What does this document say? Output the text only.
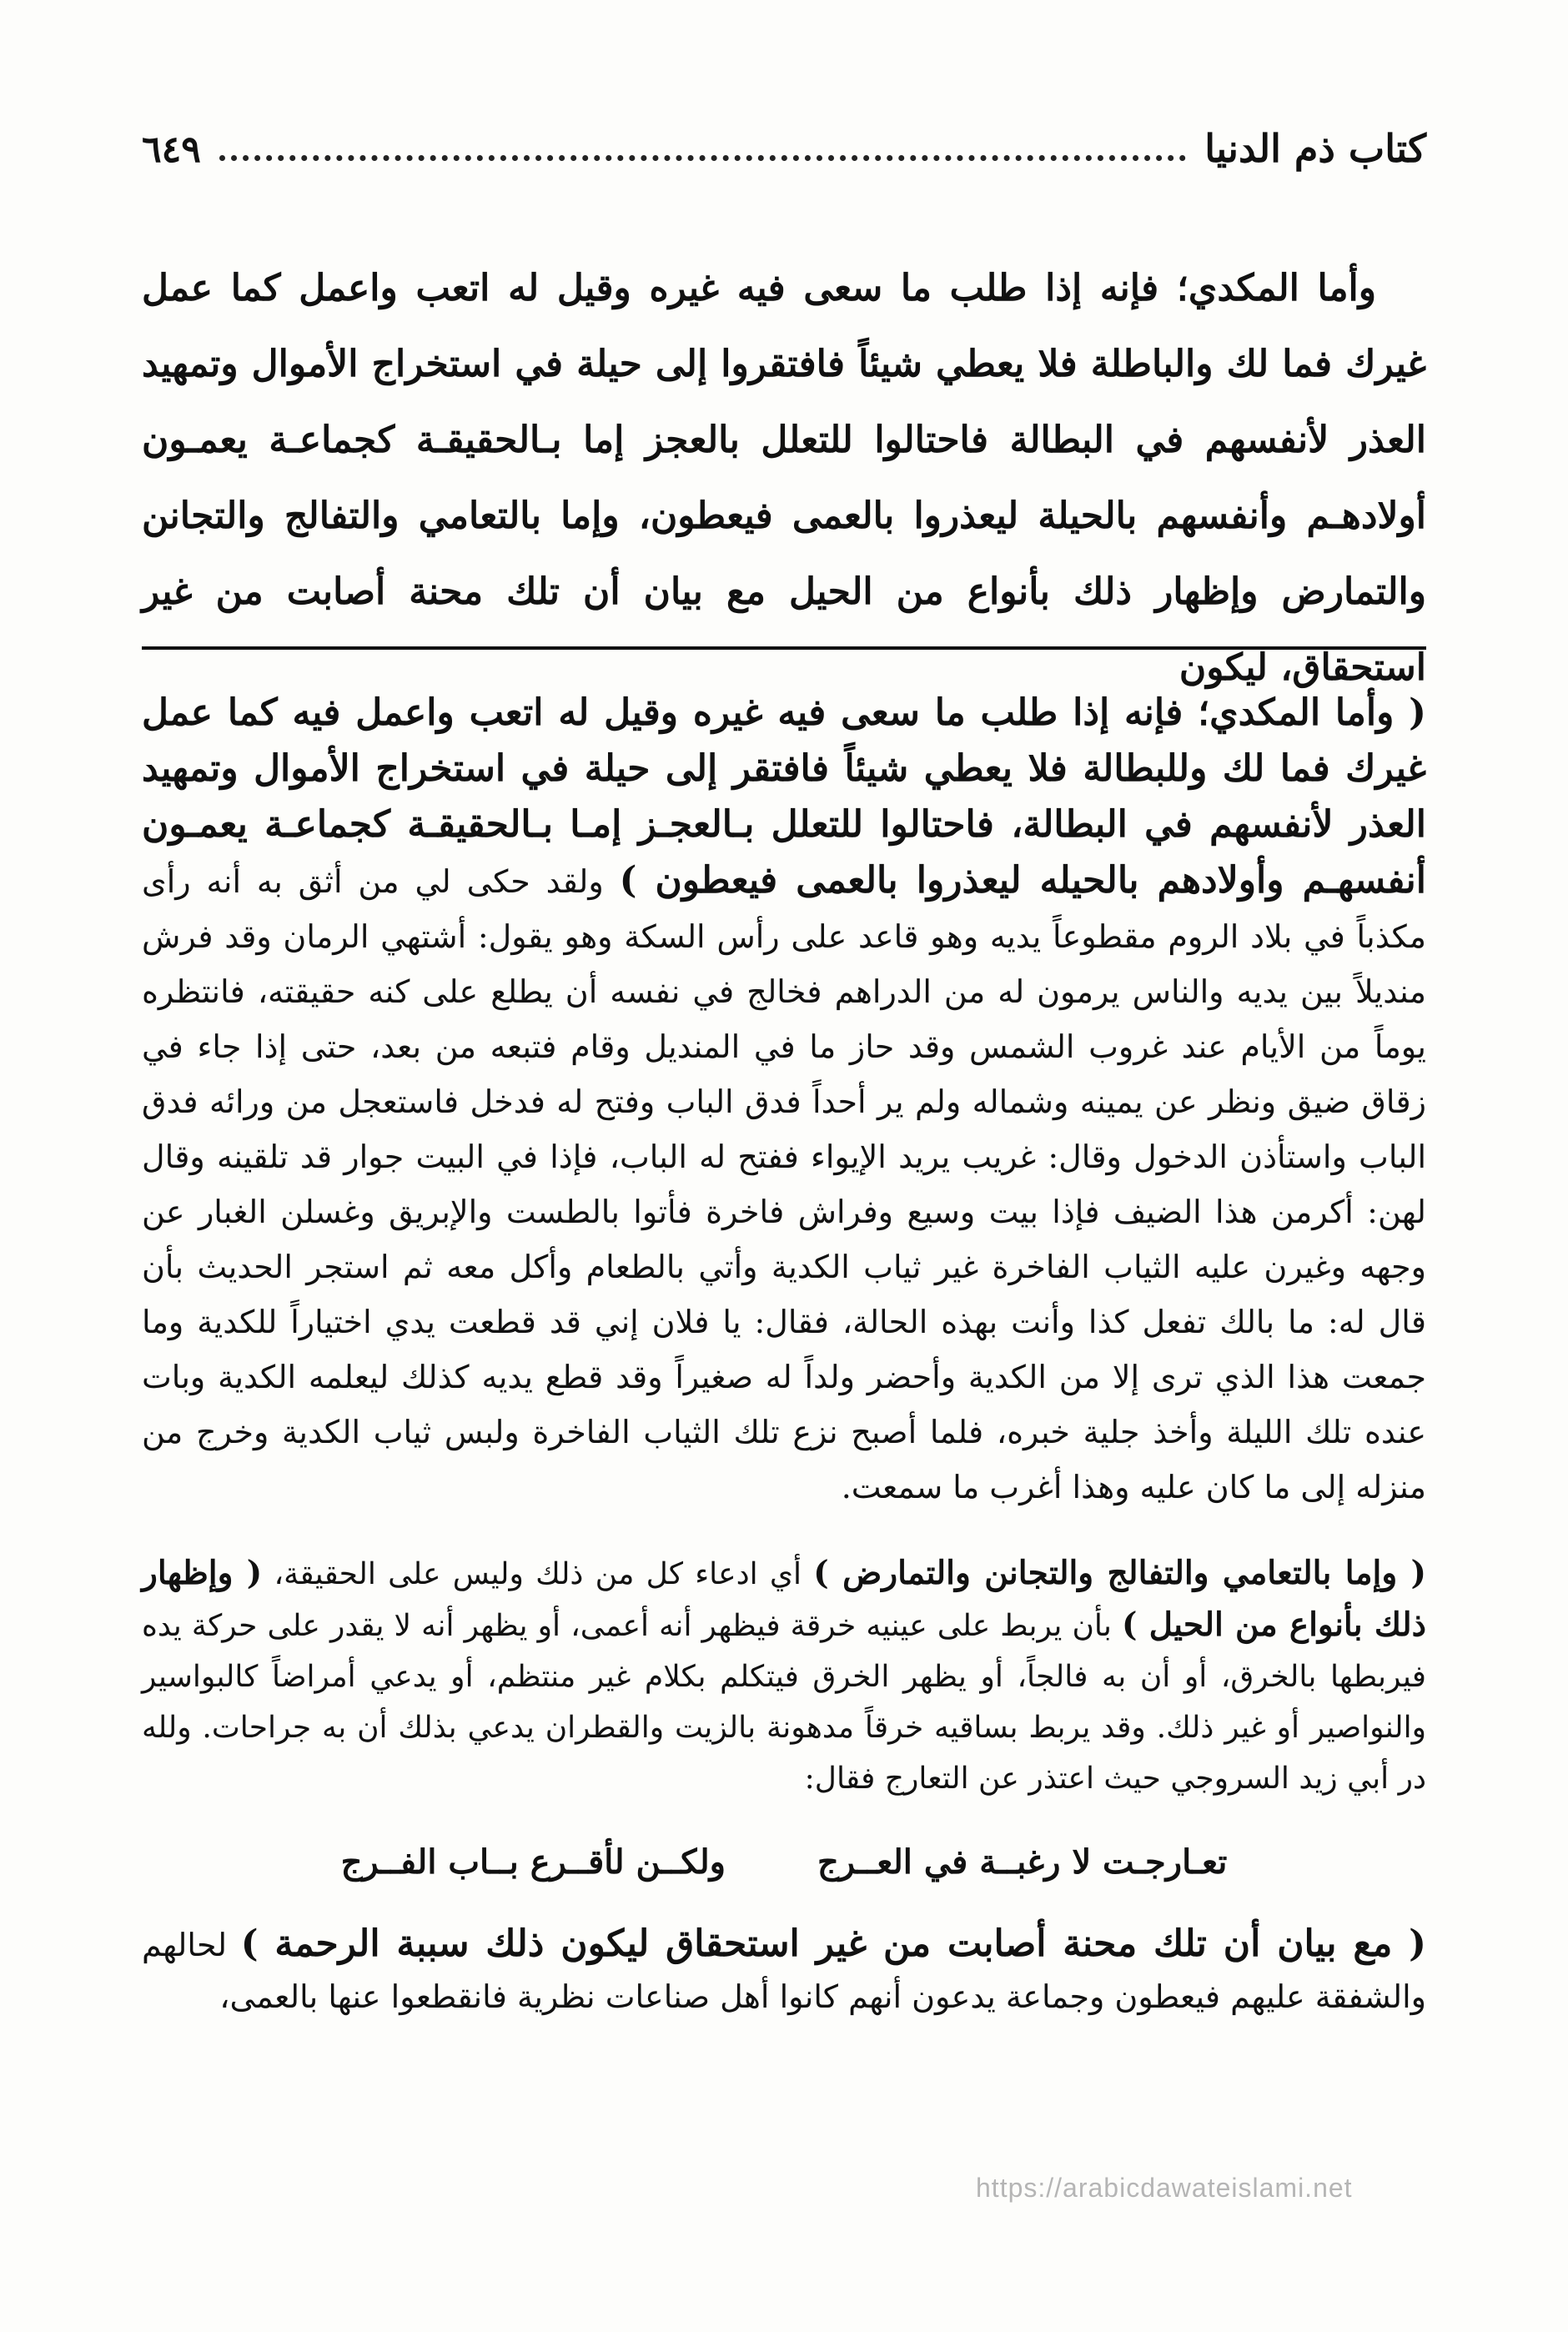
كتاب ذم الدنيا
٦٤٩

وأما المكدي؛ فإنه إذا طلب ما سعى فيه غيره وقيل له اتعب واعمل كما عمل غيرك فما لك والباطلة فلا يعطي شيئاً فافتقروا إلى حيلة في استخراج الأموال وتمهيد العذر لأنفسهم في البطالة فاحتالوا للتعلل بالعجز إما بـالحقيقـة كجماعـة يعمـون أولادهـم وأنفسهم بالحيلة ليعذروا بالعمى فيعطون، وإما بالتعامي والتفالج والتجانن والتمارض وإظهار ذلك بأنواع من الحيل مع بيان أن تلك محنة أصابت من غير استحقاق، ليكون

( وأما المكدي؛ فإنه إذا طلب ما سعى فيه غيره وقيل له اتعب واعمل فيه كما عمل غيرك فما لك وللبطالة فلا يعطي شيئاً فافتقر إلى حيلة في استخراج الأموال وتمهيد العذر لأنفسهم في البطالة، فاحتالوا للتعلل بـالعجـز إمـا بـالحقيقـة كجماعـة يعمـون أنفسهـم وأولادهم بالحيله ليعذروا بالعمى فيعطون ) ولقد حكى لي من أثق به أنه رأى مكذباً في بلاد الروم مقطوعاً يديه وهو قاعد على رأس السكة وهو يقول: أشتهي الرمان وقد فرش منديلاً بين يديه والناس يرمون له من الدراهم فخالج في نفسه أن يطلع على كنه حقيقته، فانتظره يوماً من الأيام عند غروب الشمس وقد حاز ما في المنديل وقام فتبعه من بعد، حتى إذا جاء في زقاق ضيق ونظر عن يمينه وشماله ولم ير أحداً فدق الباب وفتح له فدخل فاستعجل من ورائه فدق الباب واستأذن الدخول وقال: غريب يريد الإيواء ففتح له الباب، فإذا في البيت جوار قد تلقينه وقال لهن: أكرمن هذا الضيف فإذا بيت وسيع وفراش فاخرة فأتوا بالطست والإبريق وغسلن الغبار عن وجهه وغيرن عليه الثياب الفاخرة غير ثياب الكدية وأتي بالطعام وأكل معه ثم استجر الحديث بأن قال له: ما بالك تفعل كذا وأنت بهذه الحالة، فقال: يا فلان إني قد قطعت يدي اختياراً للكدية وما جمعت هذا الذي ترى إلا من الكدية وأحضر ولداً له صغيراً وقد قطع يديه كذلك ليعلمه الكدية وبات عنده تلك الليلة وأخذ جلية خبره، فلما أصبح نزع تلك الثياب الفاخرة ولبس ثياب الكدية وخرج من منزله إلى ما كان عليه وهذا أغرب ما سمعت.

( وإما بالتعامي والتفالج والتجانن والتمارض ) أي ادعاء كل من ذلك وليس على الحقيقة، ( وإظهار ذلك بأنواع من الحيل ) بأن يربط على عينيه خرقة فيظهر أنه أعمى، أو يظهر أنه لا يقدر على حركة يده فيربطها بالخرق، أو أن به فالجاً، أو يظهر الخرق فيتكلم بكلام غير منتظم، أو يدعي أمراضاً كالبواسير والنواصير أو غير ذلك. وقد يربط بساقيه خرقاً مدهونة بالزيت والقطران يدعي بذلك أن به جراحات. ولله در أبي زيد السروجي حيث اعتذر عن التعارج فقال:

تعـارجـت لا رغبــة في العــرج
ولكــن لأقــرع بــاب الفــرج

( مع بيان أن تلك محنة أصابت من غير استحقاق ليكون ذلك سببة الرحمة ) لحالهم والشفقة عليهم فيعطون وجماعة يدعون أنهم كانوا أهل صناعات نظرية فانقطعوا عنها بالعمى،

https://arabicdawateislami.net
